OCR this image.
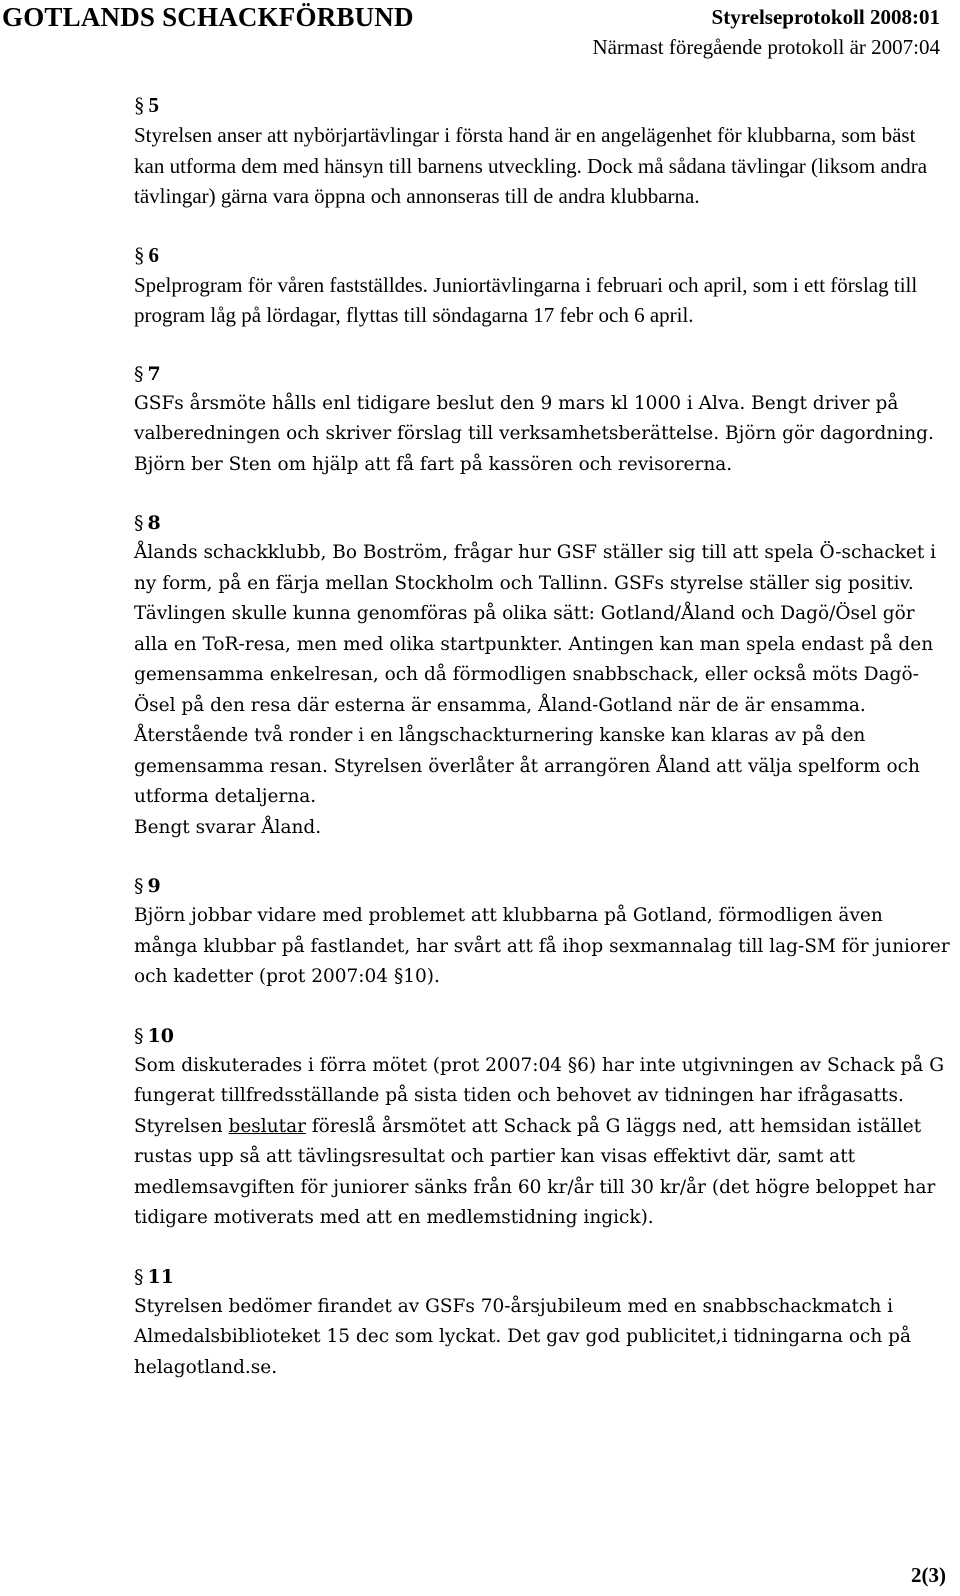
GOTLANDS SCHACKFÖRBUND	Styrelseprotokoll 2008:01
Närmast föregående protokoll är 2007:04
§ 5
Styrelsen anser att nybörjartävlingar i första hand är en angelägenhet för klubbarna, som bäst kan utforma dem med hänsyn till barnens utveckling. Dock må sådana tävlingar (liksom andra tävlingar) gärna vara öppna och annonseras till de andra klubbarna.
§ 6
Spelprogram för våren fastställdes. Juniortävlingarna i februari och april, som i ett förslag till program låg på lördagar, flyttas till söndagarna 17 febr och 6 april.
§ 7
GSFs årsmöte hålls enl tidigare beslut den 9 mars kl 1000 i Alva. Bengt driver på valberedningen och skriver förslag till verksamhetsberättelse. Björn gör dagordning. Björn ber Sten om hjälp att få fart på kassören och revisorerna.
§ 8
Ålands schackklubb, Bo Boström, frågar hur GSF ställer sig till att spela Ö-schacket i ny form, på en färja mellan Stockholm och Tallinn. GSFs styrelse ställer sig positiv. Tävlingen skulle kunna genomföras på olika sätt: Gotland/Åland och Dagö/Ösel gör alla en ToR-resa, men med olika startpunkter. Antingen kan man spela endast på den gemensamma enkelresan, och då förmodligen snabbschack, eller också möts Dagö-Ösel på den resa där esterna är ensamma, Åland-Gotland när de är ensamma. Återstående två ronder i en långschackturnering kanske kan klaras av på den gemensamma resan. Styrelsen överlåter åt arrangören Åland att välja spelform och utforma detaljerna.
Bengt svarar Åland.
§ 9
Björn jobbar vidare med problemet att klubbarna på Gotland, förmodligen även många klubbar på fastlandet, har svårt att få ihop sexmannalag till lag-SM för juniorer och kadetter (prot 2007:04 §10).
§ 10
Som diskuterades i förra mötet (prot 2007:04 §6) har inte utgivningen av Schack på G fungerat tillfredsställande på sista tiden och behovet av tidningen har ifrågasatts. Styrelsen beslutar föreslå årsmötet att Schack på G läggs ned, att hemsidan istället rustas upp så att tävlingsresultat och partier kan visas effektivt där, samt att medlemsavgiften för juniorer sänks från 60 kr/år till 30 kr/år (det högre beloppet har tidigare motiverats med att en medlemstidning ingick).
§ 11
Styrelsen bedömer firandet av GSFs 70-årsjubileum med en snabbschackmatch i Almedalsbiblioteket 15 dec som lyckat. Det gav god publicitet,i tidningarna och på helagotland.se.
2(3)
